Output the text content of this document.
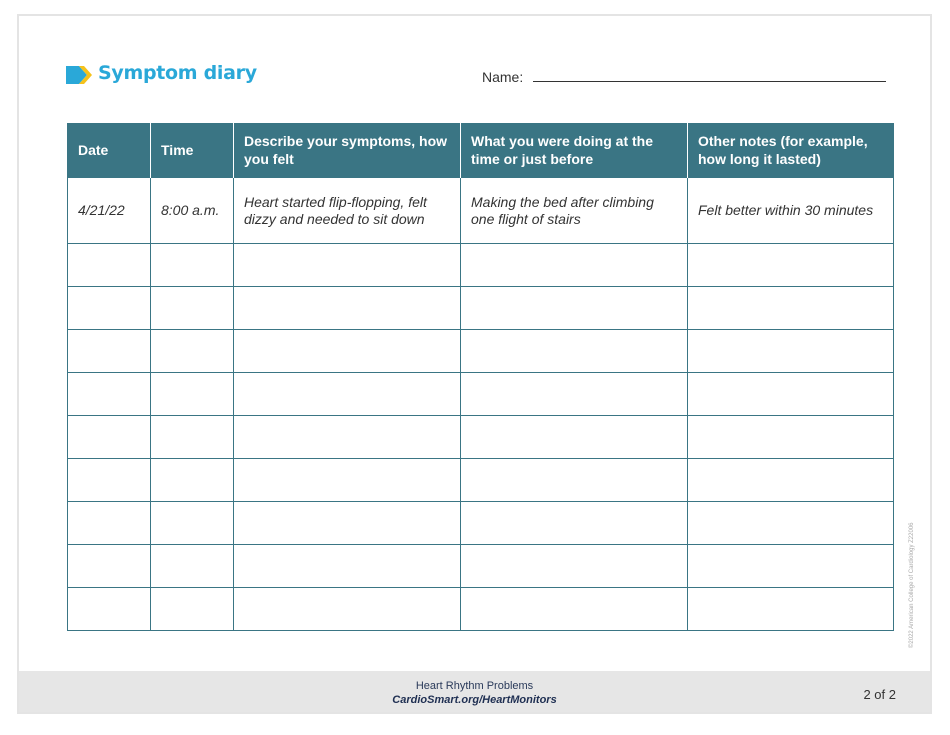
Symptom diary	Name:
Date	Time	Describe your symptoms, how you felt	What you were doing at the time or just before	Other notes (for example, how long it lasted)
4/21/22	8:00 a.m.	Heart started flip-flopping, felt dizzy and needed to sit down	Making the bed after climbing one flight of stairs	Felt better within 30 minutes

Heart Rhythm Problems
CardioSmart.org/HeartMonitors	2 of 2
©2022 American College of Cardiology Z22006
